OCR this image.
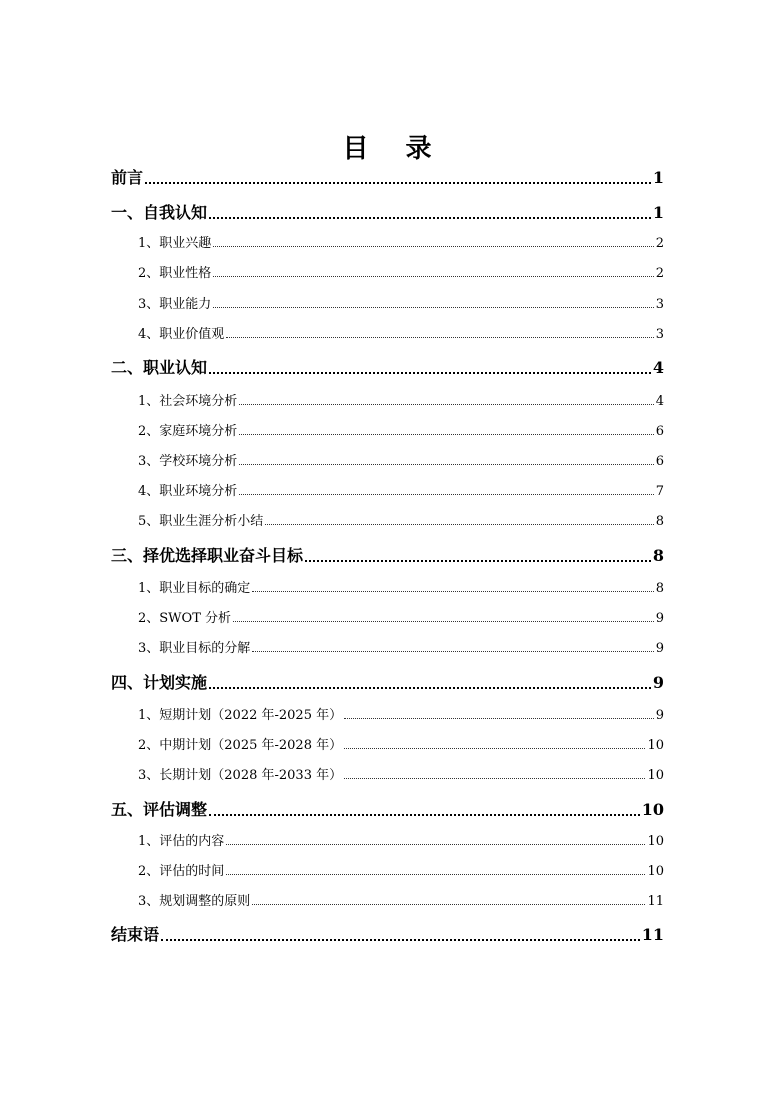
目 录
前言	1
一、自我认知	1
1、职业兴趣	2
2、职业性格	2
3、职业能力	3
4、职业价值观	3
二、职业认知	4
1、社会环境分析	4
2、家庭环境分析	6
3、学校环境分析	6
4、职业环境分析	7
5、职业生涯分析小结	8
三、择优选择职业奋斗目标	8
1、职业目标的确定	8
2、SWOT 分析	9
3、职业目标的分解	9
四、计划实施	9
1、短期计划（2022 年-2025 年）	9
2、中期计划（2025 年-2028 年）	10
3、长期计划（2028 年-2033 年）	10
五、评估调整	10
1、评估的内容	10
2、评估的时间	10
3、规划调整的原则	11
结束语	11
